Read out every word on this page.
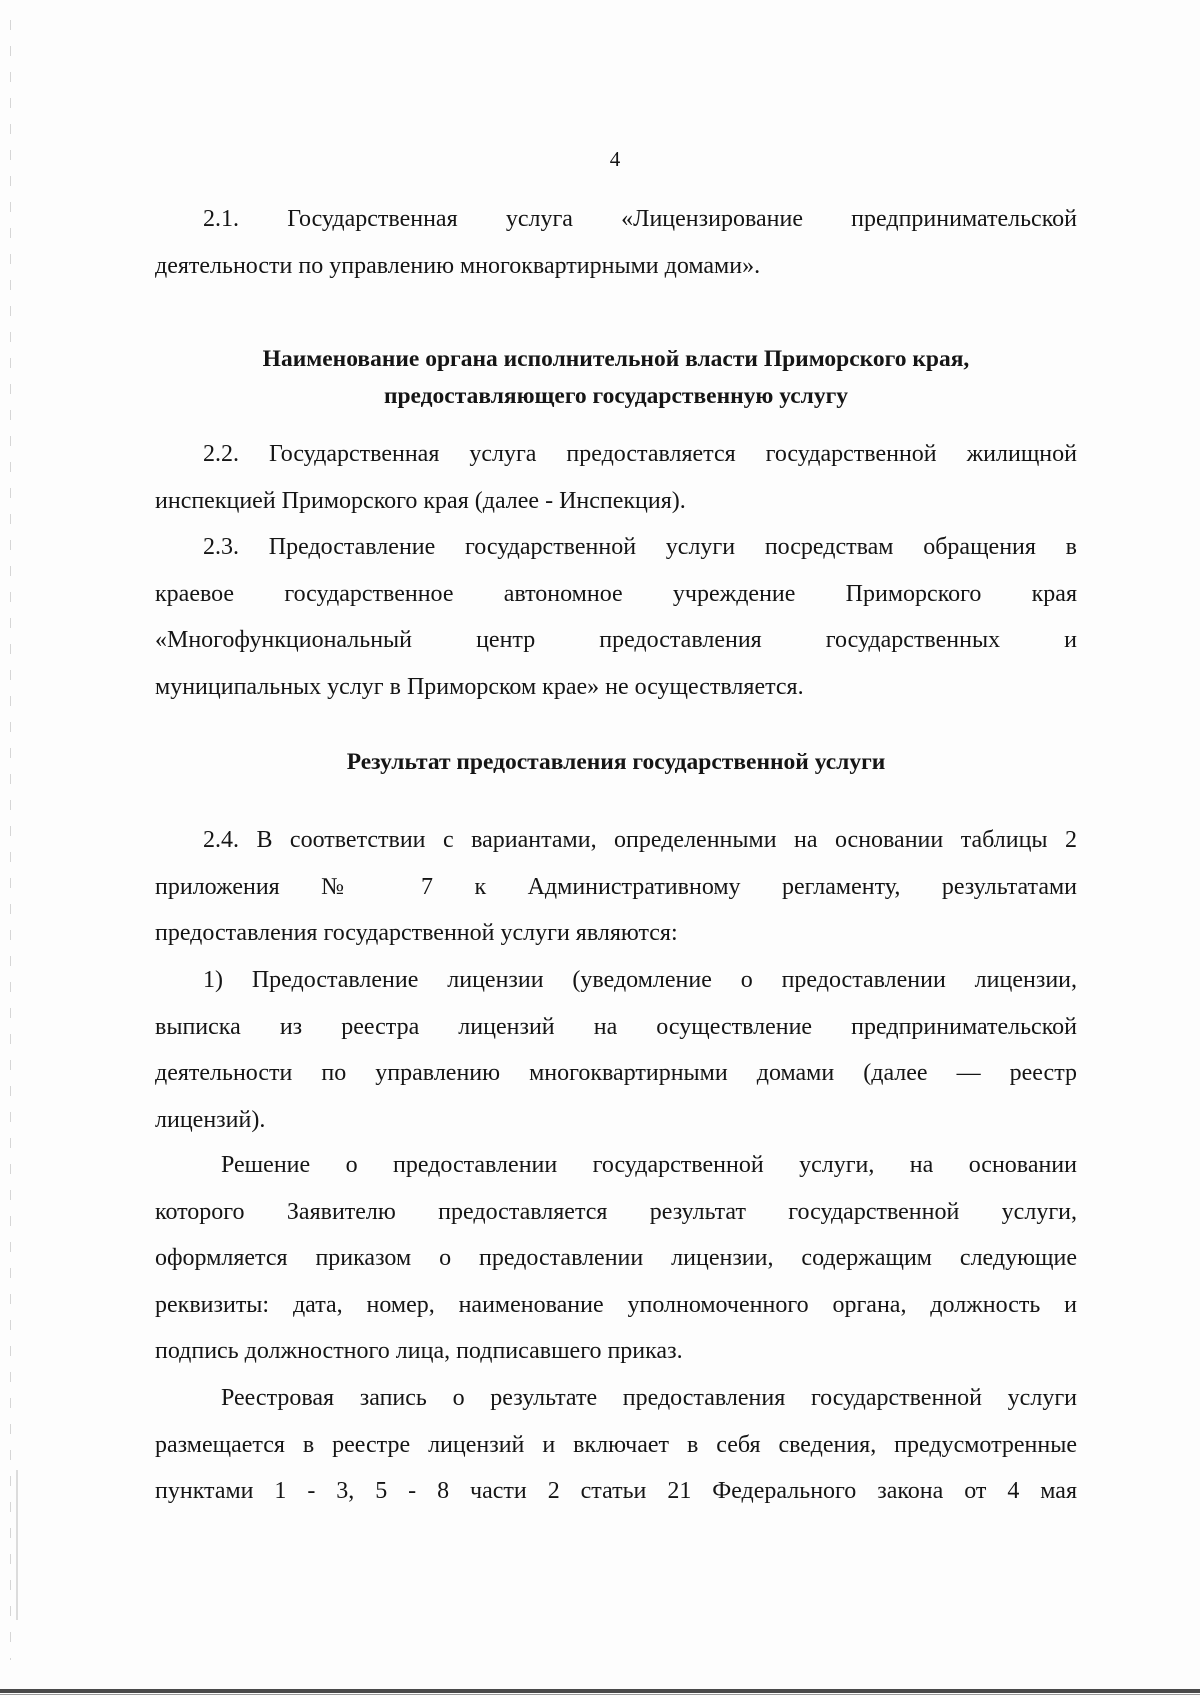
4
2.1. Государственная услуга «Лицензирование предпринимательской
деятельности по управлению многоквартирными домами».
Наименование органа исполнительной власти Приморского края,
предоставляющего государственную услугу
2.2. Государственная услуга предоставляется государственной жилищной
инспекцией Приморского края (далее - Инспекция).
2.3. Предоставление государственной услуги посредствам обращения в
краевое государственное автономное учреждение Приморского края
«Многофункциональный центр предоставления государственных и
муниципальных услуг в Приморском крае» не осуществляется.
Результат предоставления государственной услуги
2.4. В соответствии с вариантами, определенными на основании таблицы 2
приложения № 7 к Административному регламенту, результатами
предоставления государственной услуги являются:
1) Предоставление лицензии (уведомление о предоставлении лицензии,
выписка из реестра лицензий на осуществление предпринимательской
деятельности по управлению многоквартирными домами (далее — реестр
лицензий).
Решение о предоставлении государственной услуги, на основании
которого Заявителю предоставляется результат государственной услуги,
оформляется приказом о предоставлении лицензии, содержащим следующие
реквизиты: дата, номер, наименование уполномоченного органа, должность и
подпись должностного лица, подписавшего приказ.
Реестровая запись о результате предоставления государственной услуги
размещается в реестре лицензий и включает в себя сведения, предусмотренные
пунктами 1 - 3, 5 - 8 части 2 статьи 21 Федерального закона от 4 мая
